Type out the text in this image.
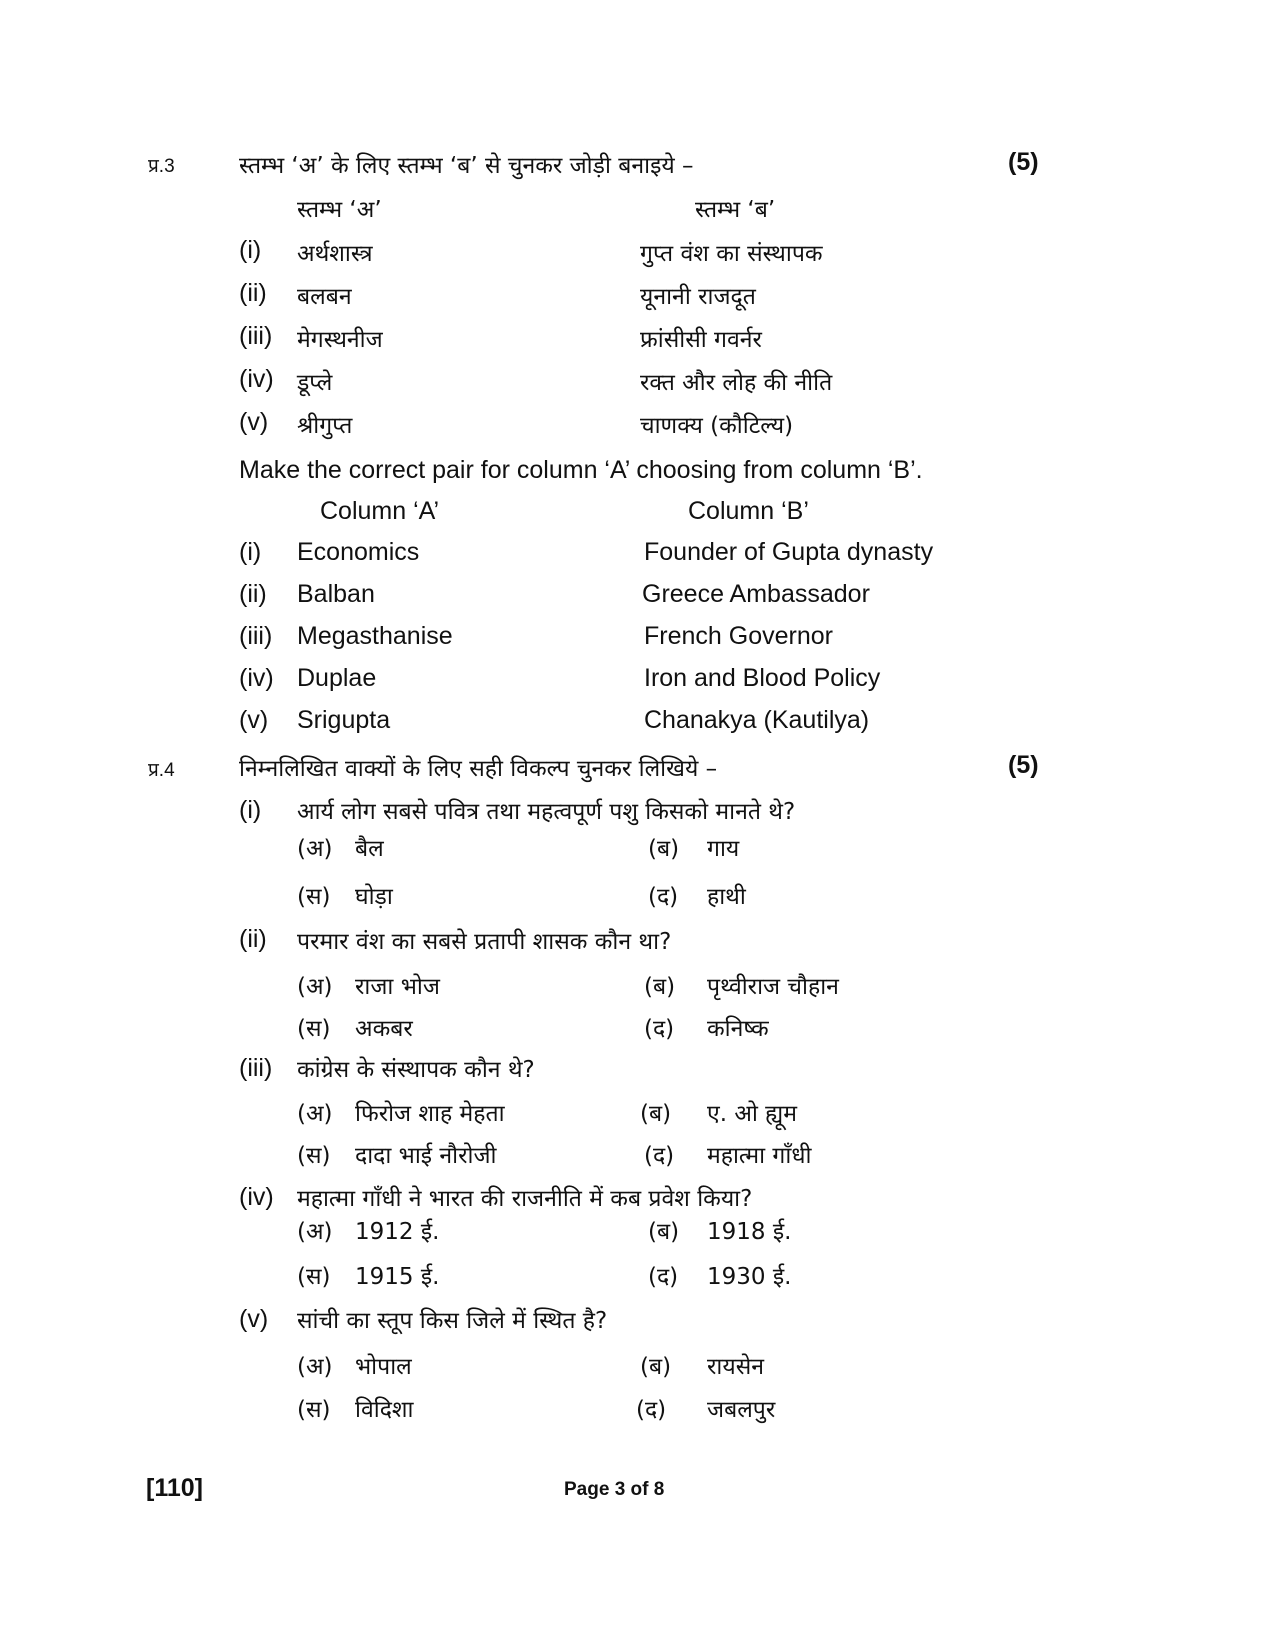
प्र.3	स्तम्भ ‘अ’ के लिए स्तम्भ ‘ब’ से चुनकर जोड़ी बनाइये –	(5)
स्तम्भ ‘अ’	स्तम्भ ‘ब’
(i) अर्थशास्त्र	गुप्त वंश का संस्थापक
(ii) बलबन	यूनानी राजदूत
(iii) मेगस्थनीज	फ्रांसीसी गवर्नर
(iv) डूप्ले	रक्त और लोह की नीति
(v) श्रीगुप्त	चाणक्य (कौटिल्य)
Make the correct pair for column ‘A’ choosing from column ‘B’.
Column ‘A’	Column ‘B’
(i) Economics	Founder of Gupta dynasty
(ii) Balban	Greece Ambassador
(iii) Megasthanise	French Governor
(iv) Duplae	Iron and Blood Policy
(v) Srigupta	Chanakya (Kautilya)
प्र.4	निम्नलिखित वाक्यों के लिए सही विकल्प चुनकर लिखिये –	(5)
(i) आर्य लोग सबसे पवित्र तथा महत्वपूर्ण पशु किसको मानते थे?
(अ) बैल	(ब) गाय
(स) घोड़ा	(द) हाथी
(ii) परमार वंश का सबसे प्रतापी शासक कौन था?
(अ) राजा भोज	(ब) पृथ्वीराज चौहान
(स) अकबर	(द) कनिष्क
(iii) कांग्रेस के संस्थापक कौन थे?
(अ) फिरोज शाह मेहता	(ब) ए. ओ ह्यूम
(स) दादा भाई नौरोजी	(द) महात्मा गाँधी
(iv) महात्मा गाँधी ने भारत की राजनीति में कब प्रवेश किया?
(अ) 1912 ई.	(ब) 1918 ई.
(स) 1915 ई.	(द) 1930 ई.
(v) सांची का स्तूप किस जिले में स्थित है?
(अ) भोपाल	(ब) रायसेन
(स) विदिशा	(द) जबलपुर
[110]	Page 3 of 8
